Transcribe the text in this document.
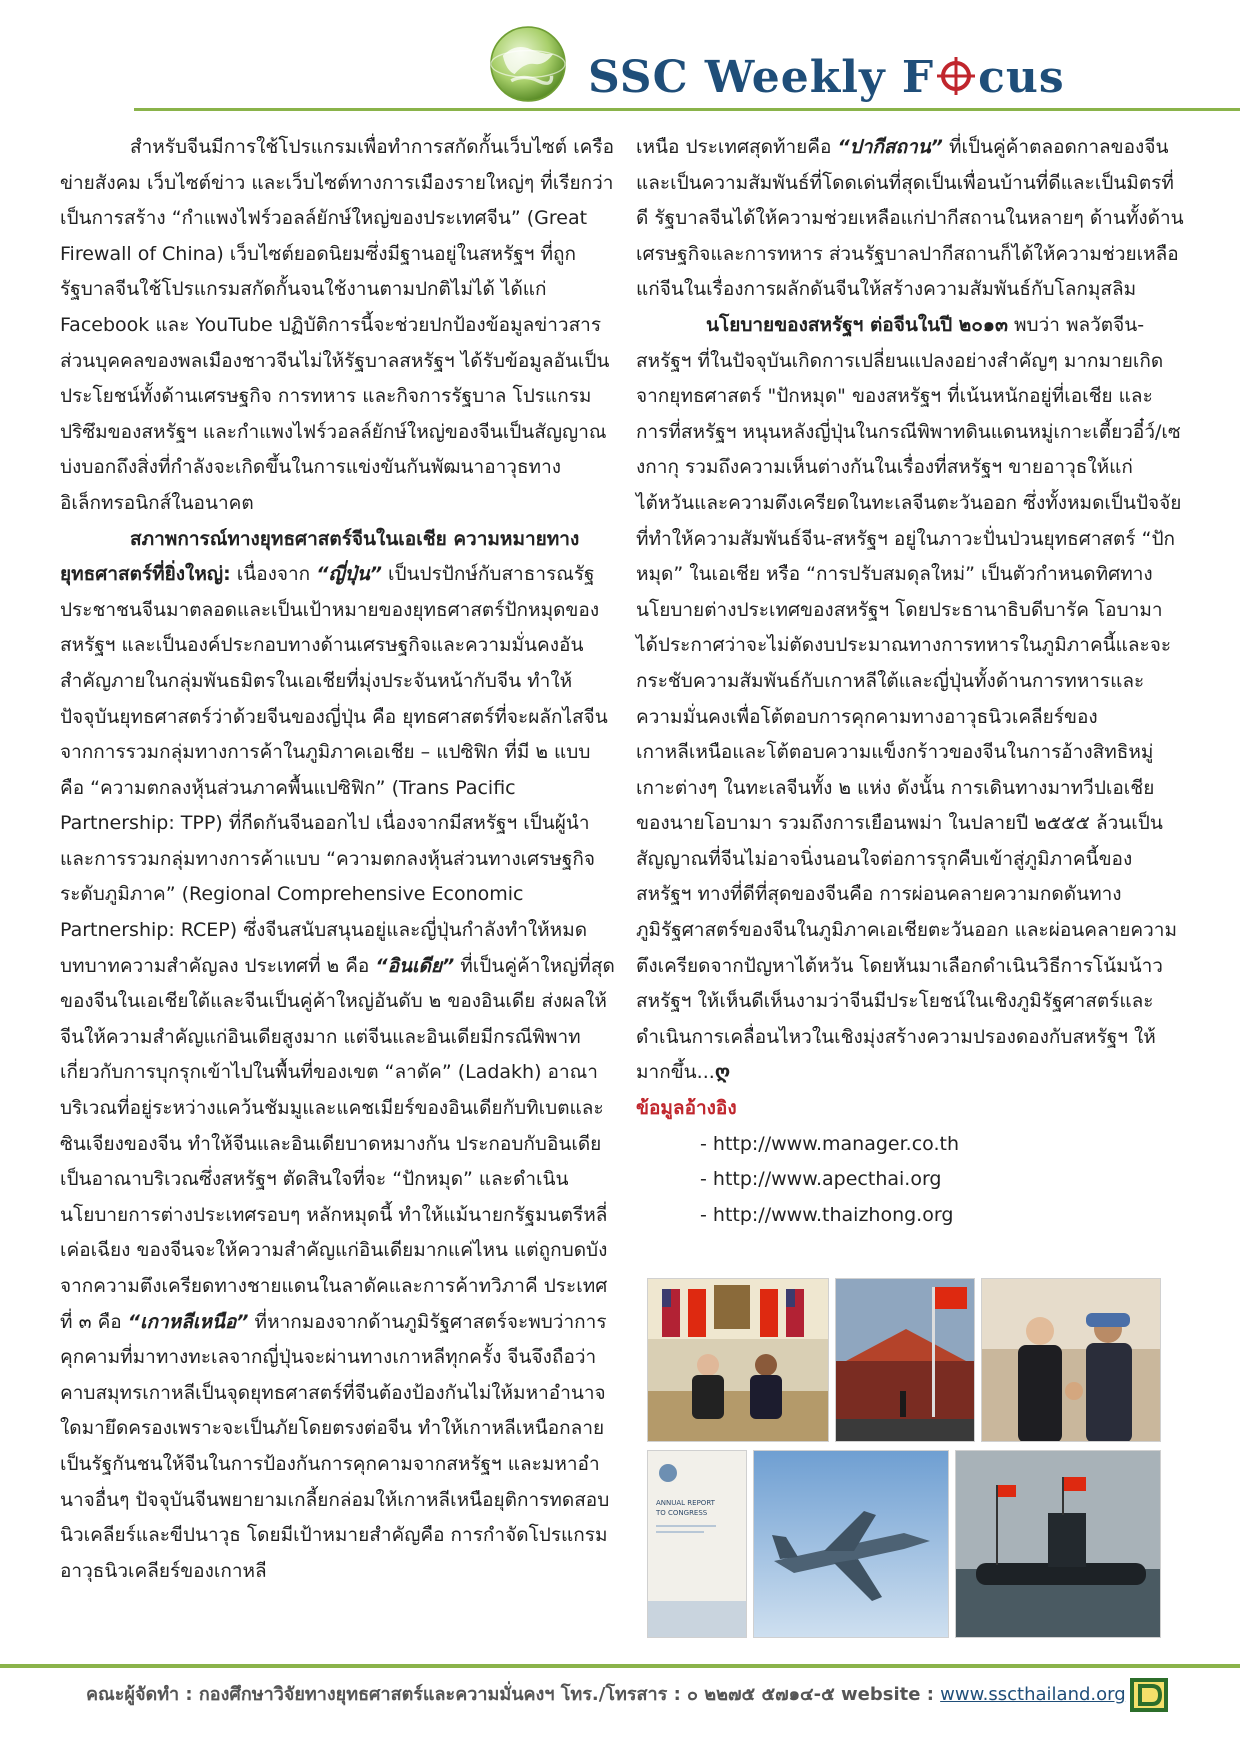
SSC Weekly F cus

สำหรับจีนมีการใช้โปรแกรมเพื่อทำการสกัดกั้นเว็บไซต์ เครือข่ายสังคม เว็บไซต์ข่าว และเว็บไซต์ทางการเมืองรายใหญ่ๆ ที่เรียกว่าเป็นการสร้าง “กำแพงไฟร์วอลล์ยักษ์ใหญ่ของประเทศจีน” (Great Firewall of China) เว็บไซต์ยอดนิยมซึ่งมีฐานอยู่ในสหรัฐฯ ที่ถูกรัฐบาลจีนใช้โปรแกรมสกัดกั้นจนใช้งานตามปกติไม่ได้ ได้แก่ Facebook และ YouTube ปฏิบัติการนี้จะช่วยปกป้องข้อมูลข่าวสารส่วนบุคคลของพลเมืองชาวจีนไม่ให้รัฐบาลสหรัฐฯ ได้รับข้อมูลอันเป็นประโยชน์ทั้งด้านเศรษฐกิจ การทหาร และกิจการรัฐบาล โปรแกรมปริซึมของสหรัฐฯ และกำแพงไฟร์วอลล์ยักษ์ใหญ่ของจีนเป็นสัญญาณบ่งบอกถึงสิ่งที่กำลังจะเกิดขึ้นในการแข่งขันกันพัฒนาอาวุธทางอิเล็กทรอนิกส์ในอนาคต

สภาพการณ์ทางยุทธศาสตร์จีนในเอเชีย ความหมายทางยุทธศาสตร์ที่ยิ่งใหญ่: เนื่องจาก “ญี่ปุ่น” เป็นปรปักษ์กับสาธารณรัฐประชาชนจีนมาตลอดและเป็นเป้าหมายของยุทธศาสตร์ปักหมุดของสหรัฐฯ และเป็นองค์ประกอบทางด้านเศรษฐกิจและความมั่นคงอันสำคัญภายในกลุ่มพันธมิตรในเอเชียที่มุ่งประจันหน้ากับจีน ทำให้ปัจจุบันยุทธศาสตร์ว่าด้วยจีนของญี่ปุ่น คือ ยุทธศาสตร์ที่จะผลักไสจีนจากการรวมกลุ่มทางการค้าในภูมิภาคเอเชีย – แปซิฟิก ที่มี ๒ แบบ คือ “ความตกลงหุ้นส่วนภาคพื้นแปซิฟิก” (Trans Pacific Partnership: TPP) ที่กีดกันจีนออกไป เนื่องจากมีสหรัฐฯ เป็นผู้นำ และการรวมกลุ่มทางการค้าแบบ “ความตกลงหุ้นส่วนทางเศรษฐกิจระดับภูมิภาค” (Regional Comprehensive Economic Partnership: RCEP) ซึ่งจีนสนับสนุนอยู่และญี่ปุ่นกำลังทำให้หมดบทบาทความสำคัญลง ประเทศที่ ๒ คือ “อินเดีย” ที่เป็นคู่ค้าใหญ่ที่สุดของจีนในเอเชียใต้และจีนเป็นคู่ค้าใหญ่อันดับ ๒ ของอินเดีย ส่งผลให้จีนให้ความสำคัญแก่อินเดียสูงมาก แต่จีนและอินเดียมีกรณีพิพาทเกี่ยวกับการบุกรุกเข้าไปในพื้นที่ของเขต “ลาดัค” (Ladakh) อาณาบริเวณที่อยู่ระหว่างแคว้นชัมมูและแคชเมียร์ของอินเดียกับทิเบตและซินเจียงของจีน ทำให้จีนและอินเดียบาดหมางกัน ประกอบกับอินเดียเป็นอาณาบริเวณซึ่งสหรัฐฯ ตัดสินใจที่จะ “ปักหมุด” และดำเนินนโยบายการต่างประเทศรอบๆ หลักหมุดนี้ ทำให้แม้นายกรัฐมนตรีหลี่ เค่อเฉียง ของจีนจะให้ความสำคัญแก่อินเดียมากแค่ไหน แต่ถูกบดบังจากความตึงเครียดทางชายแดนในลาดัคและการค้าทวิภาคี ประเทศที่ ๓ คือ “เกาหลีเหนือ” ที่หากมองจากด้านภูมิรัฐศาสตร์จะพบว่าการคุกคามที่มาทางทะเลจากญี่ปุ่นจะผ่านทางเกาหลีทุกครั้ง จีนจึงถือว่าคาบสมุทรเกาหลีเป็นจุดยุทธศาสตร์ที่จีนต้องป้องกันไม่ให้มหาอำนาจใดมายึดครองเพราะจะเป็นภัยโดยตรงต่อจีน ทำให้เกาหลีเหนือกลายเป็นรัฐกันชนให้จีนในการป้องกันการคุกคามจากสหรัฐฯ และมหาอำนาจอื่นๆ ปัจจุบันจีนพยายามเกลี้ยกล่อมให้เกาหลีเหนือยุติการทดสอบนิวเคลียร์และขีปนาวุธ โดยมีเป้าหมายสำคัญคือ การกำจัดโปรแกรมอาวุธนิวเคลียร์ของเกาหลี

เหนือ ประเทศสุดท้ายคือ “ปากีสถาน” ที่เป็นคู่ค้าตลอดกาลของจีนและเป็นความสัมพันธ์ที่โดดเด่นที่สุดเป็นเพื่อนบ้านที่ดีและเป็นมิตรที่ดี รัฐบาลจีนได้ให้ความช่วยเหลือแก่ปากีสถานในหลายๆ ด้านทั้งด้านเศรษฐกิจและการทหาร ส่วนรัฐบาลปากีสถานก็ได้ให้ความช่วยเหลือแก่จีนในเรื่องการผลักดันจีนให้สร้างความสัมพันธ์กับโลกมุสลิม

นโยบายของสหรัฐฯ ต่อจีนในปี ๒๐๑๓ พบว่า พลวัตจีน-สหรัฐฯ ที่ในปัจจุบันเกิดการเปลี่ยนแปลงอย่างสำคัญๆ มากมายเกิดจากยุทธศาสตร์ "ปักหมุด" ของสหรัฐฯ ที่เน้นหนักอยู่ที่เอเชีย และการที่สหรัฐฯ หนุนหลังญี่ปุ่นในกรณีพิพาทดินแดนหมู่เกาะเตี้ยวอี๋ว์/เซงกากุ รวมถึงความเห็นต่างกันในเรื่องที่สหรัฐฯ ขายอาวุธให้แก่ไต้หวันและความตึงเครียดในทะเลจีนตะวันออก ซึ่งทั้งหมดเป็นปัจจัยที่ทำให้ความสัมพันธ์จีน-สหรัฐฯ อยู่ในภาวะปั่นป่วนยุทธศาสตร์ “ปักหมุด” ในเอเชีย หรือ “การปรับสมดุลใหม่” เป็นตัวกำหนดทิศทางนโยบายต่างประเทศของสหรัฐฯ โดยประธานาธิบดีบารัค โอบามา ได้ประกาศว่าจะไม่ตัดงบประมาณทางการทหารในภูมิภาคนี้และจะกระชับความสัมพันธ์กับเกาหลีใต้และญี่ปุ่นทั้งด้านการทหารและความมั่นคงเพื่อโต้ตอบการคุกคามทางอาวุธนิวเคลียร์ของเกาหลีเหนือและโต้ตอบความแข็งกร้าวของจีนในการอ้างสิทธิหมู่เกาะต่างๆ ในทะเลจีนทั้ง ๒ แห่ง ดังนั้น การเดินทางมาทวีปเอเชียของนายโอบามา รวมถึงการเยือนพม่า ในปลายปี ๒๕๕๕ ล้วนเป็นสัญญาณที่จีนไม่อาจนิ่งนอนใจต่อการรุกคืบเข้าสู่ภูมิภาคนี้ของสหรัฐฯ ทางที่ดีที่สุดของจีนคือ การผ่อนคลายความกดดันทางภูมิรัฐศาสตร์ของจีนในภูมิภาคเอเชียตะวันออก และผ่อนคลายความตึงเครียดจากปัญหาไต้หวัน โดยหันมาเลือกดำเนินวิธีการโน้มน้าวสหรัฐฯ ให้เห็นดีเห็นงามว่าจีนมีประโยชน์ในเชิงภูมิรัฐศาสตร์และดำเนินการเคลื่อนไหวในเชิงมุ่งสร้างความปรองดองกับสหรัฐฯ ให้มากขึ้น...ღ

ข้อมูลอ้างอิง

- http://www.manager.co.th
- http://www.apecthai.org
- http://www.thaizhong.org
ANNUAL REPORT
TO CONGRESS
คณะผู้จัดทำ : กองศึกษาวิจัยทางยุทธศาสตร์และความมั่นคงฯ โทร./โทรสาร : ๐ ๒๒๗๕ ๕๗๑๔-๕ website : www.sscthailand.org
